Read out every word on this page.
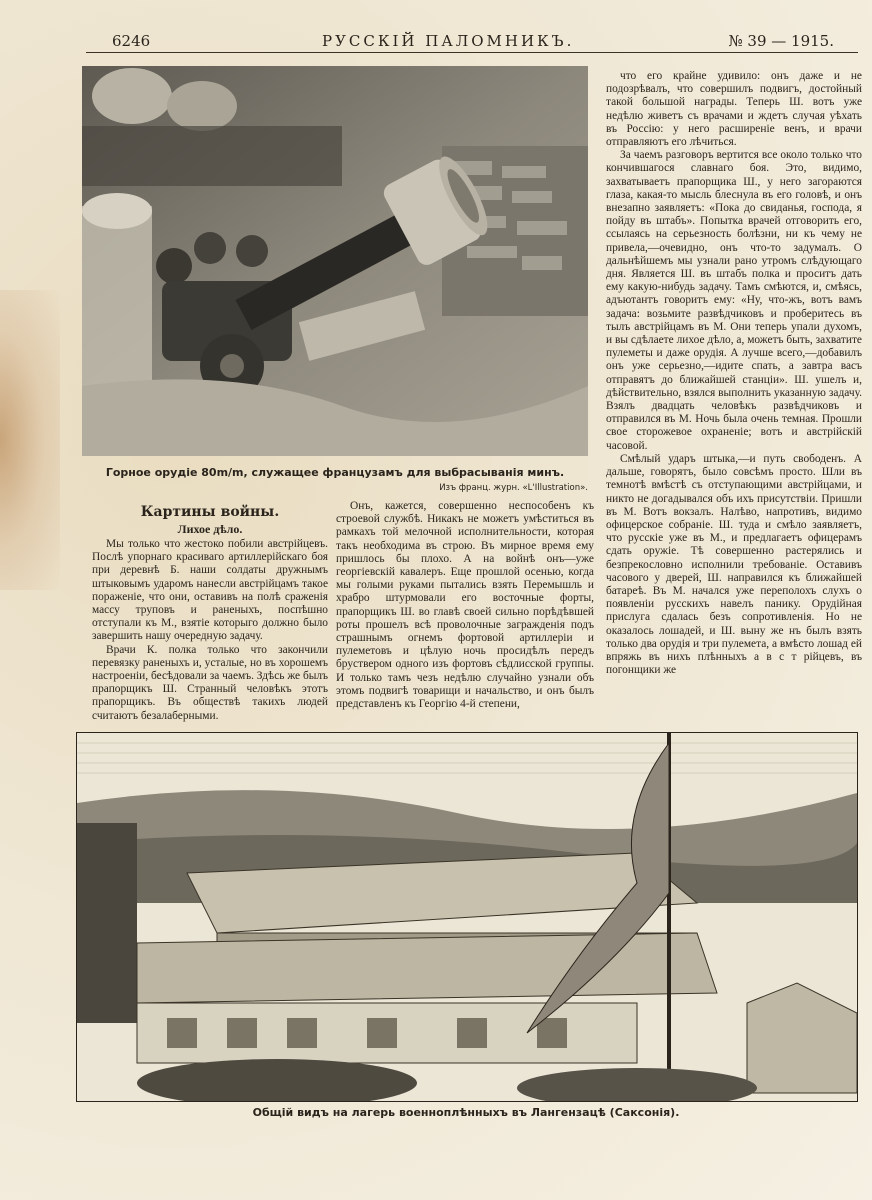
6246	РУССКІЙ ПАЛОМНИКЪ.	№ 39 — 1915.
Горное орудіе 80m/m, служащее французамъ для выбрасыванія минъ.
Изъ франц. журн. «L'Illustration».
Картины войны.
Лихое дѣло.

Мы только что жестоко побили австрійцевъ. Послѣ упорнаго красиваго артиллерійскаго боя при деревнѣ Б. наши солдаты дружнымъ штыковымъ ударомъ нанесли австрійцамъ такое пораженіе, что они, оставивъ на полѣ сраженія массу труповъ и раненыхъ, поспѣшно отступали къ М., взятіе которыго должно было завершить нашу очередную задачу.

Врачи К. полка только что закончили перевязку раненыхъ и, усталые, но въ хорошемъ настроеніи, бесѣдовали за чаемъ. Здѣсь же былъ прапорщикъ Ш. Странный человѣкъ этотъ прапорщикъ. Въ обществѣ такихъ людей считаютъ безалаберными.

Онъ, кажется, совершенно неспособенъ къ строевой службѣ. Никакъ не можетъ умѣститься въ рамкахъ той мелочной исполнительности, которая такъ необходима въ строю. Въ мирное время ему пришлось бы плохо. А на войнѣ онъ—уже георгіевскій кавалеръ. Еще прошлой осенью, когда мы голыми руками пытались взять Перемышль и храбро штурмовали его восточные форты, прапорщикъ Ш. во главѣ своей сильно порѣдѣвшей роты прошелъ всѣ проволочные загражденія подъ страшнымъ огнемъ фортовой артиллеріи и пулеметовъ и цѣлую ночь просидѣлъ передъ бруствером одного изъ фортовъ сѣдлисской группы. И только тамъ чезъ недѣлю случайно узнали объ этомъ подвигѣ товарищи и начальство, и онъ былъ представленъ къ Георгію 4-й степени,

что его крайне удивило: онъ даже и не подозрѣвалъ, что совершилъ подвигъ, достойный такой большой награды. Теперь Ш. вотъ уже недѣлю живетъ съ врачами и ждетъ случая уѣхать въ Россію: у него расширеніе венъ, и врачи отправляютъ его лѣчиться.

За чаемъ разговоръ вертится все около только что кончившагося славнаго боя. Это, видимо, захватываетъ прапорщика Ш., у него загораются глаза, какая-то мысль блеснула въ его головѣ, и онъ внезапно заявляетъ: «Пока до свиданья, господа, я пойду въ штабъ». Попытка врачей отговорить его, ссылаясь на серьезность болѣзни, ни къ чему не привела,—очевидно, онъ что-то задумалъ. О дальнѣйшемъ мы узнали рано утромъ слѣдующаго дня. Является Ш. въ штабъ полка и проситъ дать ему какую-нибудь задачу. Тамъ смѣются, и, смѣясь, адъютантъ говоритъ ему: «Ну, что-жъ, вотъ вамъ задача: возьмите развѣдчиковъ и проберитесь въ тылъ австрійцамъ въ М. Они теперь упали духомъ, и вы сдѣлаете лихое дѣло, а, можетъ быть, захватите пулеметы и даже орудія. А лучше всего,—добавилъ онъ уже серьезно,—идите спать, а завтра васъ отправятъ до ближайшей станціи». Ш. ушелъ и, дѣйствительно, взялся выполнить указанную задачу. Взялъ двадцать человѣкъ развѣдчиковъ и отправился въ М. Ночь была очень темная. Прошли свое сторожевое охраненіе; вотъ и австрійскій часовой.

Смѣлый ударъ штыка,—и путь свободенъ. А дальше, говорятъ, было совсѣмъ просто. Шли въ темнотѣ вмѣстѣ съ отступающими австрійцами, и никто не догадывался объ ихъ присутствіи. Пришли въ М. Вотъ вокзалъ. Налѣво, напротивъ, видимо офицерское собраніе. Ш. туда и смѣло заявляетъ, что русскіе уже въ М., и предлагаетъ офицерамъ сдать оружіе. Тѣ совершенно растерялись и безпрекословно исполнили требованіе. Оставивъ часового у дверей, Ш. направился къ ближайшей батареѣ. Въ М. начался уже переполохъ слухъ о появленіи русскихъ навелъ панику. Орудійная прислуга сдалась безъ сопротивленія. Но не оказалось лошадей, и Ш. выну же нъ былъ взять только два орудія и три пулемета, а вмѣсто лошад ей впряжь въ нихъ плѣнныхъ а в с т рійцевъ, въ погонщики же

Общій видъ на лагерь военноплѣнныхъ въ Лангензацѣ (Саксонія).
